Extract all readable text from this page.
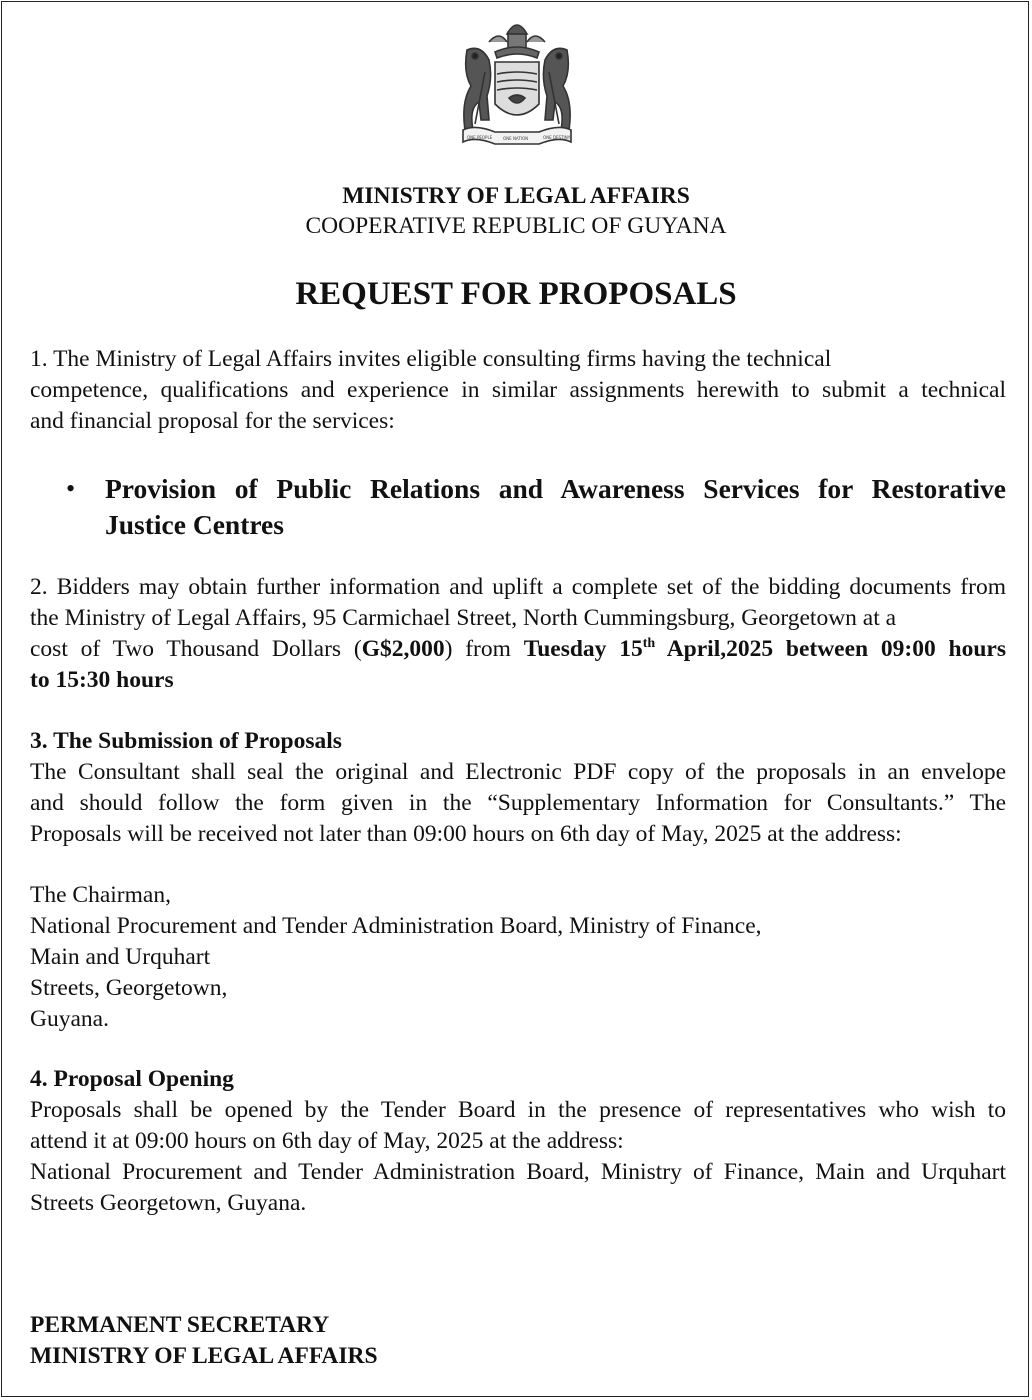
ONE PEOPLE	ONE NATION	ONE DESTINY
MINISTRY OF LEGAL AFFAIRS
COOPERATIVE REPUBLIC OF GUYANA
REQUEST FOR PROPOSALS
1. The Ministry of Legal Affairs invites eligible consulting firms having the technical
competence, qualifications and experience in similar assignments herewith to submit a technical
and financial proposal for the services:
• Provision of Public Relations and Awareness Services for Restorative
Justice Centres
2. Bidders may obtain further information and uplift a complete set of the bidding documents from
the Ministry of Legal Affairs, 95 Carmichael Street, North Cummingsburg, Georgetown at a
cost of Two Thousand Dollars (G$2,000) from Tuesday 15th April,2025 between 09:00 hours
to 15:30 hours
3. The Submission of Proposals
The Consultant shall seal the original and Electronic PDF copy of the proposals in an envelope
and should follow the form given in the “Supplementary Information for Consultants.” The
Proposals will be received not later than 09:00 hours on 6th day of May, 2025 at the address:
The Chairman,
National Procurement and Tender Administration Board, Ministry of Finance,
Main and Urquhart
Streets, Georgetown,
Guyana.
4. Proposal Opening
Proposals shall be opened by the Tender Board in the presence of representatives who wish to
attend it at 09:00 hours on 6th day of May, 2025 at the address:
National Procurement and Tender Administration Board, Ministry of Finance, Main and Urquhart
Streets Georgetown, Guyana.
PERMANENT SECRETARY
MINISTRY OF LEGAL AFFAIRS
